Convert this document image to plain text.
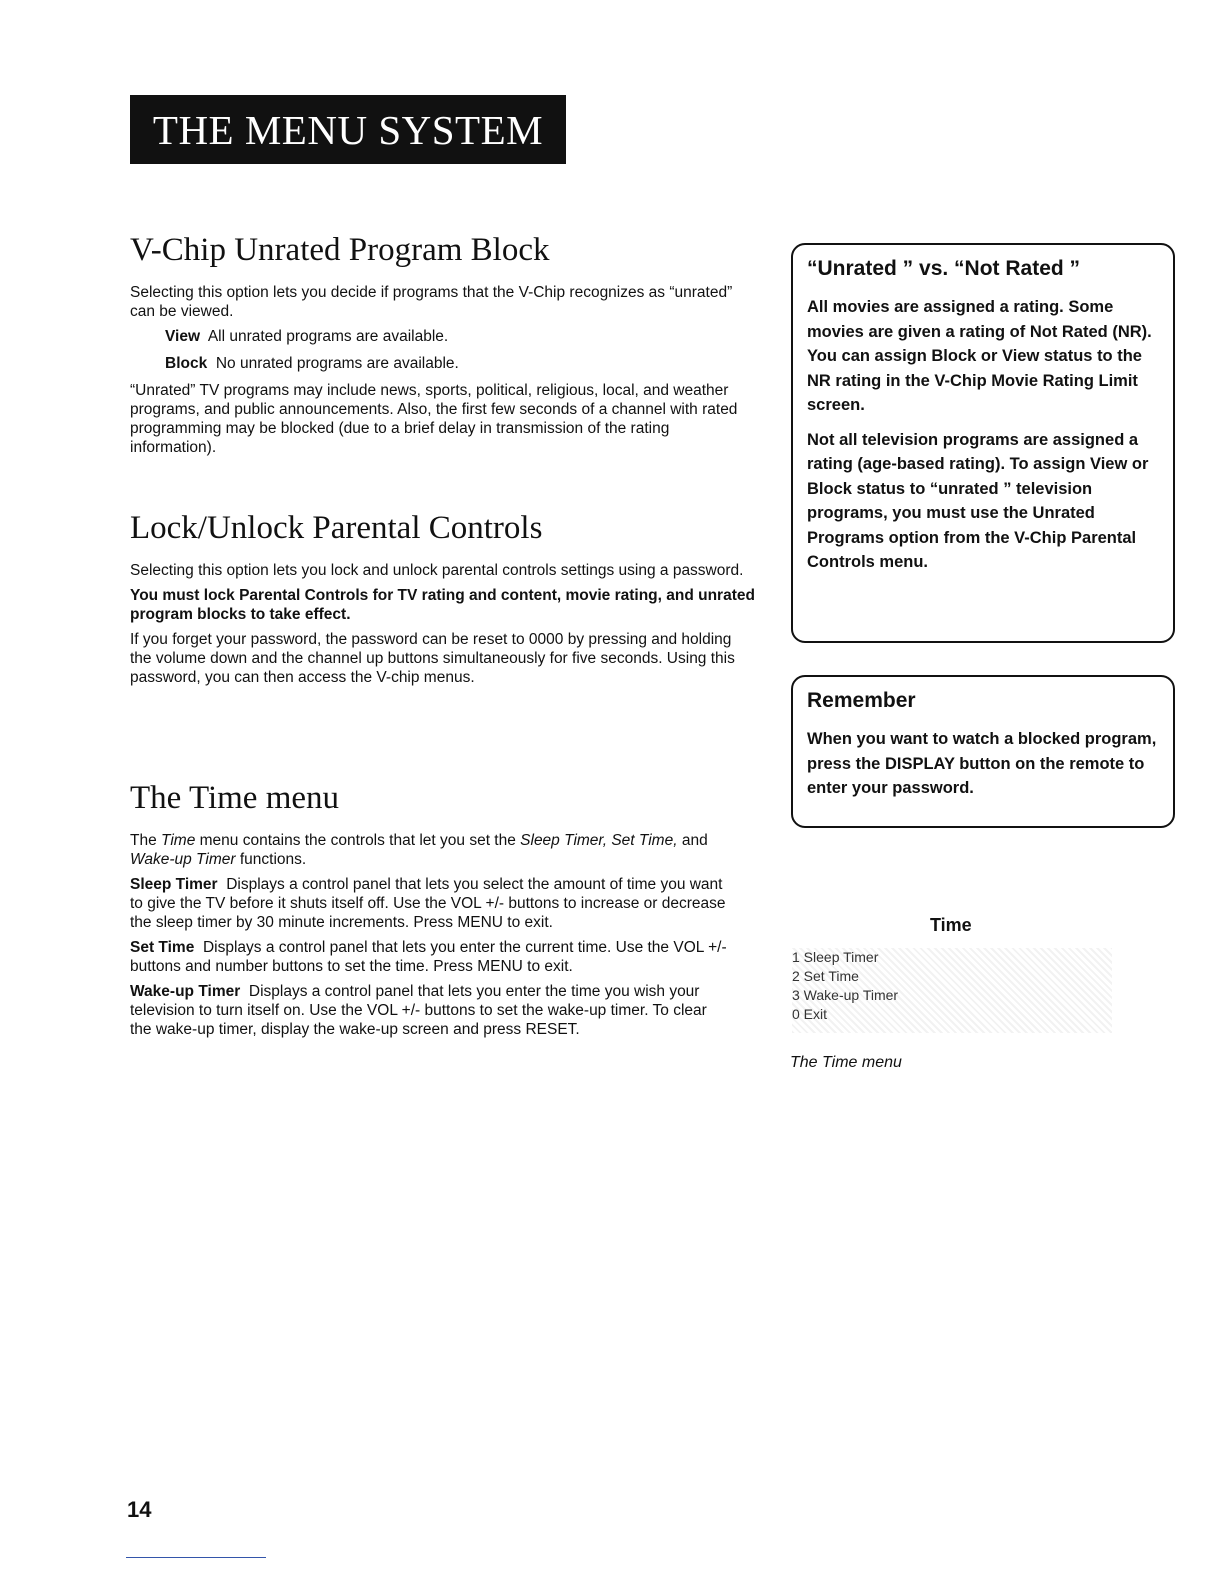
THE MENU SYSTEM
V-Chip Unrated Program Block

Selecting this option lets you decide if programs that the V-Chip recognizes as “unrated” can be viewed.

View All unrated programs are available.

Block No unrated programs are available.

“Unrated” TV programs may include news, sports, political, religious, local, and weather programs, and public announcements. Also, the first few seconds of a channel with rated programming may be blocked (due to a brief delay in transmission of the rating information).

Lock/Unlock Parental Controls

Selecting this option lets you lock and unlock parental controls settings using a password.

You must lock Parental Controls for TV rating and content, movie rating, and unrated program blocks to take effect.

If you forget your password, the password can be reset to 0000 by pressing and holding the volume down and the channel up buttons simultaneously for five seconds. Using this password, you can then access the V-chip menus.

The Time menu

The Time menu contains the controls that let you set the Sleep Timer, Set Time, and Wake-up Timer functions.

Sleep Timer Displays a control panel that lets you select the amount of time you want to give the TV before it shuts itself off. Use the VOL +/- buttons to increase or decrease the sleep timer by 30 minute increments. Press MENU to exit.

Set Time Displays a control panel that lets you enter the current time. Use the VOL +/- buttons and number buttons to set the time. Press MENU to exit.

Wake-up Timer Displays a control panel that lets you enter the time you wish your television to turn itself on. Use the VOL +/- buttons to set the wake-up timer. To clear the wake-up timer, display the wake-up screen and press RESET.

“Unrated ” vs. “Not Rated ”

All movies are assigned a rating. Some movies are given a rating of Not Rated (NR). You can assign Block or View status to the NR rating in the V-Chip Movie Rating Limit screen.

Not all television programs are assigned a rating (age-based rating). To assign View or Block status to “unrated ” television programs, you must use the Unrated Programs option from the V-Chip Parental Controls menu.

Remember

When you want to watch a blocked program, press the DISPLAY button on the remote to enter your password.

Time
1 Sleep Timer
2 Set Time
3 Wake-up Timer
0 Exit
The Time menu
14
